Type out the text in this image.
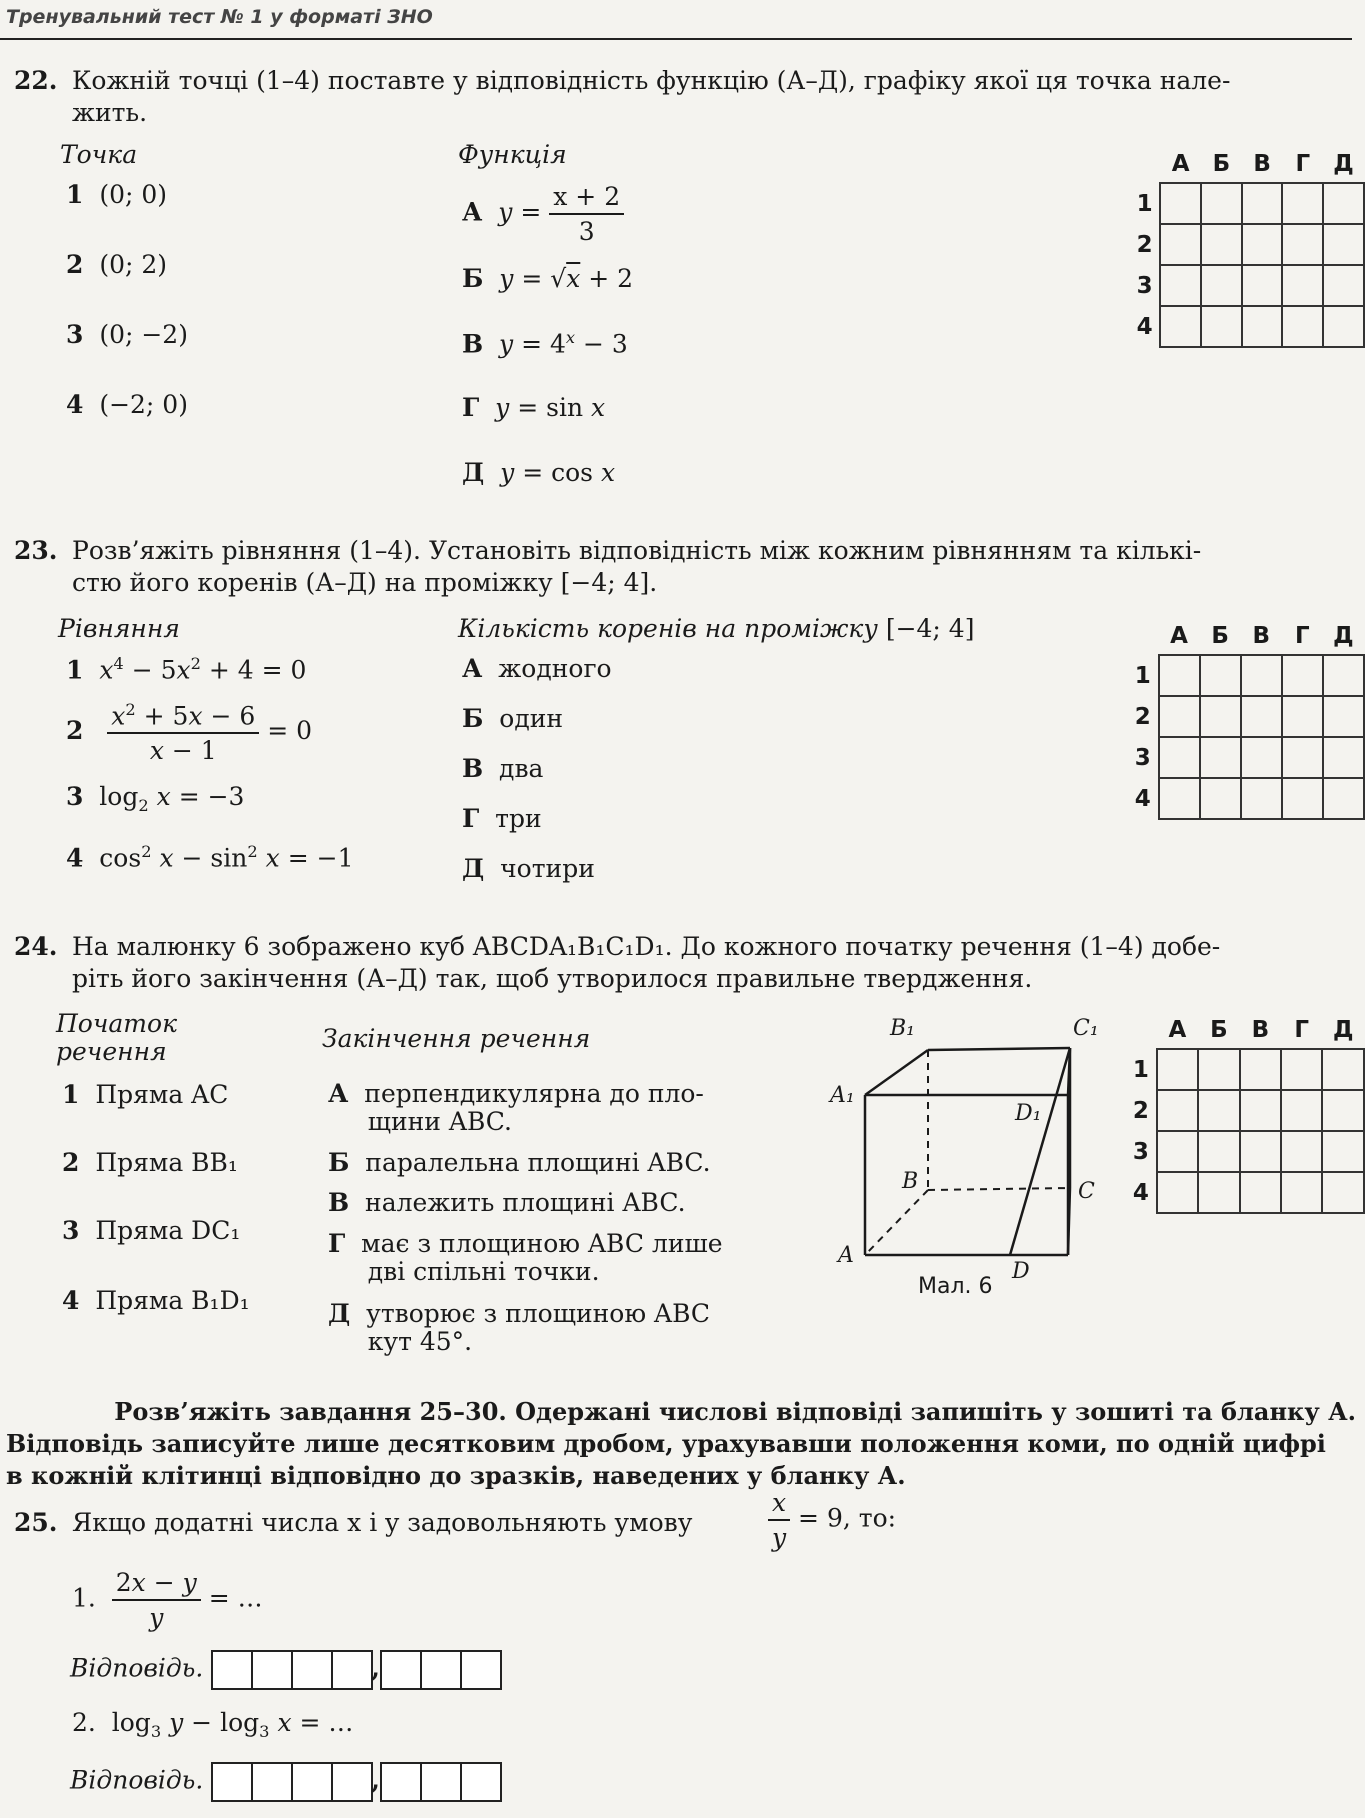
Тренувальний тест № 1 у форматі ЗНО
22. Кожній точці (1–4) поставте у відповідність функцію (А–Д), графіку якої ця точка нале-
жить.
Точка	Функція
1 (0; 0)
2 (0; 2)
3 (0; −2)
4 (−2; 0)
А $y = \frac{x + 2}{3}$
Б y = √x + 2
В $y = 4^x - 3$
Г y = sin x
Д y = cos x
	А	Б	В	Г	Д
1					
2					
3					
4					
23. Розв’яжіть рівняння (1–4). Установіть відповідність між кожним рівнянням та кількі-
стю його коренів (А–Д) на проміжку [−4; 4].
Рівняння	Кількість коренів на проміжку [−4; 4]
1 $x^4 - 5x^2 + 4 = 0$
$2 \frac{x^2 + 5x - 6}{x - 1} = 0$
3  $\log_2 x = -3$
4  $\cos^2 x - \sin^2 x = -1$
А жодного
Б один
В два
Г три
Д чотири
	А	Б	В	Г	Д
1					
2					
3					
4					
24. На малюнку 6 зображено куб ABCDA₁B₁C₁D₁. До кожного початку речення (1–4) добе-
ріть його закінчення (А–Д) так, щоб утворилося правильне твердження.
Початок
речення	Закінчення речення
1 Пряма AC
2 Пряма BB₁
3 Пряма DC₁
4 Пряма B₁D₁
А перпендикулярна до пло-
щини ABC.
Б паралельна площині ABC.
В належить площині ABC.
Г має з площиною ABC лише
дві спільні точки.
Д утворює з площиною ABC
кут 45°.
B₁	C₁
A₁
D₁
B	C
A
D
Мал. 6
	А	Б	В	Г	Д
1					
2					
3					
4					
Розв’яжіть завдання 25–30. Одержані числові відповіді запишіть у зошиті та бланку А.
Відповідь записуйте лише десятковим дробом, урахувавши положення коми, по одній цифрі
в кожній клітинці відповідно до зразків, наведених у бланку А.
25. Якщо додатні числа x і y задовольняють умову	$\frac{x}{y} = 9$, то:
1. $\frac{2x - y}{y}$ = …
Відповідь.	,
2.  $\log_3 y - \log_3 x$ = …
Відповідь.	,
